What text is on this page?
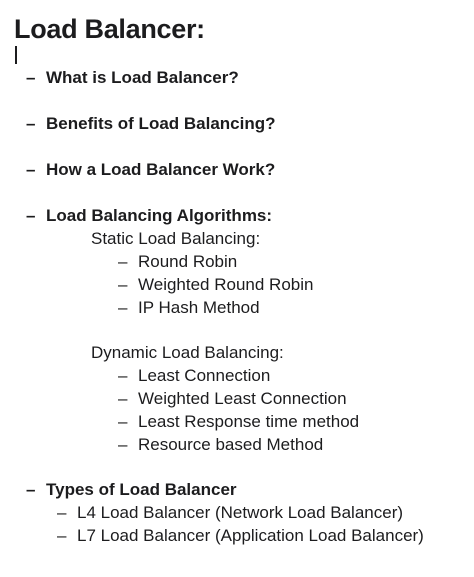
Load Balancer:
– What is Load Balancer?
– Benefits of Load Balancing?
– How a Load Balancer Work?
– Load Balancing Algorithms:
Static Load Balancing:
– Round Robin
– Weighted Round Robin
– IP Hash Method
Dynamic Load Balancing:
– Least Connection
– Weighted Least Connection
– Least Response time method
– Resource based Method
– Types of Load Balancer
– L4 Load Balancer (Network Load Balancer)
– L7 Load Balancer (Application Load Balancer)
